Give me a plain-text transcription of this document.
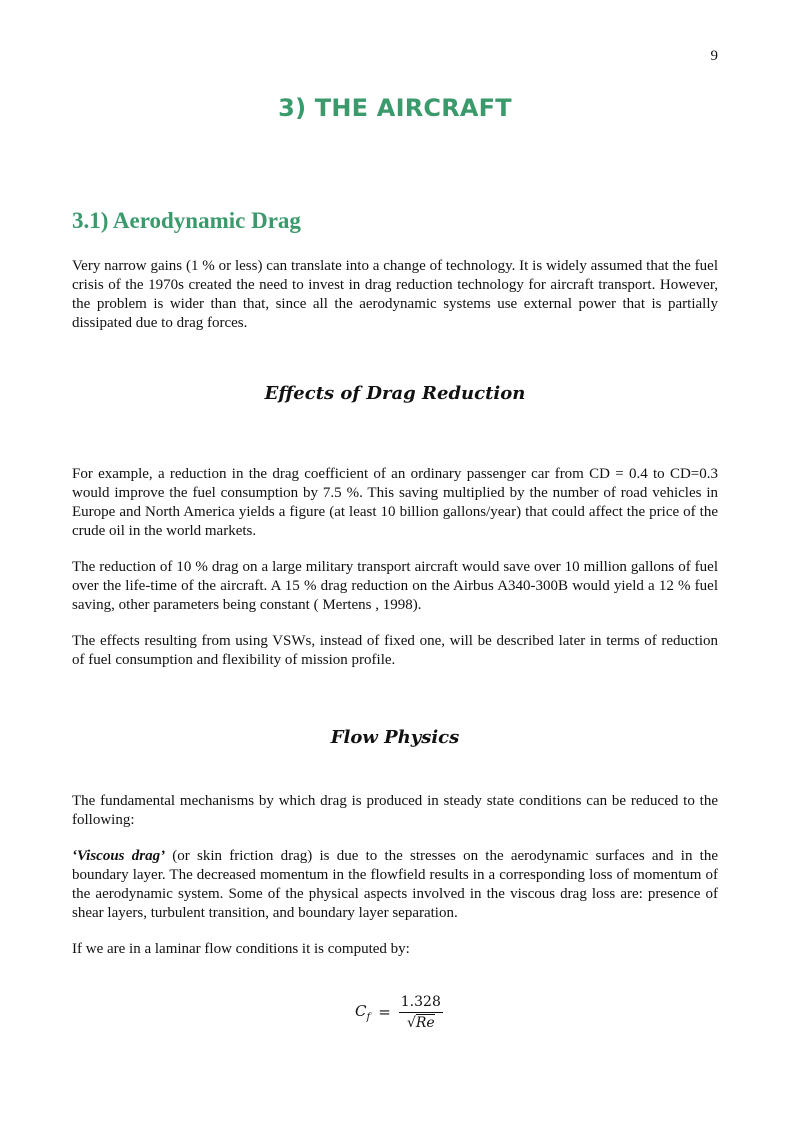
9
3) THE AIRCRAFT
3.1) Aerodynamic Drag

Very narrow gains (1 % or less) can translate into a change of technology. It is widely assumed that the fuel crisis of the 1970s created the need to invest in drag reduction technology for aircraft transport. However, the problem is wider than that, since all the aerodynamic systems use external power that is partially dissipated due to drag forces.

Effects of Drag Reduction

For example, a reduction in the drag coefficient of an ordinary passenger car from CD = 0.4 to CD=0.3 would improve the fuel consumption by 7.5 %. This saving multiplied by the number of road vehicles in Europe and North America yields a figure (at least 10 billion gallons/year) that could affect the price of the crude oil in the world markets.

The reduction of 10 % drag on a large military transport aircraft would save over 10 million gallons of fuel over the life-time of the aircraft. A 15 % drag reduction on the Airbus A340-300B would yield a 12 % fuel saving, other parameters being constant ( Mertens , 1998).

The effects resulting from using VSWs, instead of fixed one, will be described later in terms of reduction of fuel consumption and flexibility of mission profile.

Flow Physics

The fundamental mechanisms by which drag is produced in steady state conditions can be reduced to the following:

‘Viscous drag’ (or skin friction drag) is due to the stresses on the aerodynamic surfaces and in the boundary layer. The decreased momentum in the flowfield results in a corresponding loss of momentum of the aerodynamic system. Some of the physical aspects involved in the viscous drag loss are: presence of shear layers, turbulent transition, and boundary layer separation.

If we are in a laminar flow conditions it is computed by:

$C_f = \frac{1.328}{√Re}$
